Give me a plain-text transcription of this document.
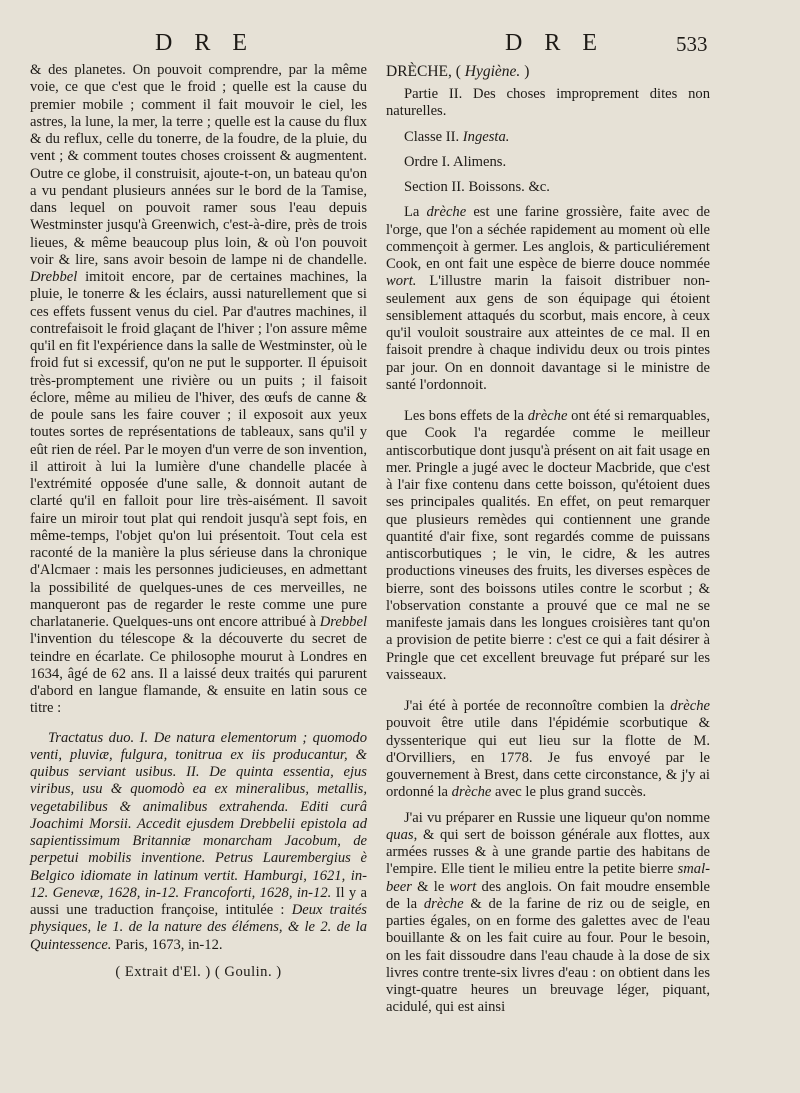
D R E	D R E	533

& des planetes. On pouvoit comprendre, par la même voie, ce que c'est que le froid ; quelle est la cause du premier mobile ; comment il fait mouvoir le ciel, les astres, la lune, la mer, la terre ; quelle est la cause du flux & du reflux, celle du tonerre, de la foudre, de la pluie, du vent ; & comment toutes choses croissent & augmentent. Outre ce globe, il construisit, ajoute-t-on, un bateau qu'on a vu pendant plusieurs années sur le bord de la Tamise, dans lequel on pouvoit ramer sous l'eau depuis Westminster jusqu'à Greenwich, c'est-à-dire, près de trois lieues, & même beaucoup plus loin, & où l'on pouvoit voir & lire, sans avoir besoin de lampe ni de chandelle. Drebbel imitoit encore, par de certaines machines, la pluie, le tonerre & les éclairs, aussi naturellement que si ces effets fussent venus du ciel. Par d'autres machines, il contrefaisoit le froid glaçant de l'hiver ; l'on assure même qu'il en fit l'expérience dans la salle de Westminster, où le froid fut si excessif, qu'on ne put le supporter. Il épuisoit très-promptement une rivière ou un puits ; il faisoit éclore, même au milieu de l'hiver, des œufs de canne & de poule sans les faire couver ; il exposoit aux yeux toutes sortes de représentations de tableaux, sans qu'il y eût rien de réel. Par le moyen d'un verre de son invention, il attiroit à lui la lumière d'une chandelle placée à l'extrémité opposée d'une salle, & donnoit autant de clarté qu'il en falloit pour lire très-aisément. Il savoit faire un miroir tout plat qui rendoit jusqu'à sept fois, en même-temps, l'objet qu'on lui présentoit. Tout cela est raconté de la manière la plus sérieuse dans la chronique d'Alcmaer : mais les personnes judicieuses, en admettant la possibilité de quelques-unes de ces merveilles, ne manqueront pas de regarder le reste comme une pure charlatanerie. Quelques-uns ont encore attribué à Drebbel l'invention du télescope & la découverte du secret de teindre en écarlate. Ce philosophe mourut à Londres en 1634, âgé de 62 ans. Il a laissé deux traités qui parurent d'abord en langue flamande, & ensuite en latin sous ce titre :

Tractatus duo. I. De natura elementorum ; quomodo venti, pluviæ, fulgura, tonitrua ex iis producantur, & quibus serviant usibus. II. De quinta essentia, ejus viribus, usu & quomodò ea ex mineralibus, metallis, vegetabilibus & animalibus extrahenda. Editi curâ Joachimi Morsii. Accedit ejusdem Drebbelii epistola ad sapientissimum Britanniæ monarcham Jacobum, de perpetui mobilis inventione. Petrus Laurembergius è Belgico idiomate in latinum vertit. Hamburgi, 1621, in-12. Genevæ, 1628, in-12. Francoforti, 1628, in-12. Il y a aussi une traduction françoise, intitulée : Deux traités physiques, le 1. de la nature des élémens, & le 2. de la Quintessence. Paris, 1673, in-12.

( Extrait d'El. ) ( Goulin. )

DRÈCHE, ( Hygiène. )

Partie II. Des choses improprement dites non naturelles.

Classe II. Ingesta.

Ordre I. Alimens.

Section II. Boissons. &c.

La drèche est une farine grossière, faite avec de l'orge, que l'on a séchée rapidement au moment où elle commençoit à germer. Les anglois, & particuliérement Cook, en ont fait une espèce de bierre douce nommée wort. L'illustre marin la faisoit distribuer non-seulement aux gens de son équipage qui étoient sensiblement attaqués du scorbut, mais encore, à ceux qu'il vouloit soustraire aux atteintes de ce mal. Il en faisoit prendre à chaque individu deux ou trois pintes par jour. On en donnoit davantage si le ministre de santé l'ordonnoit.

Les bons effets de la drèche ont été si remarquables, que Cook l'a regardée comme le meilleur antiscorbutique dont jusqu'à présent on ait fait usage en mer. Pringle a jugé avec le docteur Macbride, que c'est à l'air fixe contenu dans cette boisson, qu'étoient dues ses principales qualités. En effet, on peut remarquer que plusieurs remèdes qui contiennent une grande quantité d'air fixe, sont regardés comme de puissans antiscorbutiques ; le vin, le cidre, & les autres productions vineuses des fruits, les diverses espèces de bierre, sont des boissons utiles contre le scorbut ; & l'observation constante a prouvé que ce mal ne se manifeste jamais dans les longues croisières tant qu'on a provision de petite bierre : c'est ce qui a fait désirer à Pringle que cet excellent breuvage fut préparé sur les vaisseaux.

J'ai été à portée de reconnoître combien la drèche pouvoit être utile dans l'épidémie scorbutique & dyssenterique qui eut lieu sur la flotte de M. d'Orvilliers, en 1778. Je fus envoyé par le gouvernement à Brest, dans cette circonstance, & j'y ai ordonné la drèche avec le plus grand succès.

J'ai vu préparer en Russie une liqueur qu'on nomme quas, & qui sert de boisson générale aux flottes, aux armées russes & à une grande partie des habitans de l'empire. Elle tient le milieu entre la petite bierre smal-beer & le wort des anglois. On fait moudre ensemble de la drèche & de la farine de riz ou de seigle, en parties égales, on en forme des galettes avec de l'eau bouillante & on les fait cuire au four. Pour le besoin, on les fait dissoudre dans l'eau chaude à la dose de six livres contre trente-six livres d'eau : on obtient dans les vingt-quatre heures un breuvage léger, piquant, acidulé, qui est ainsi
